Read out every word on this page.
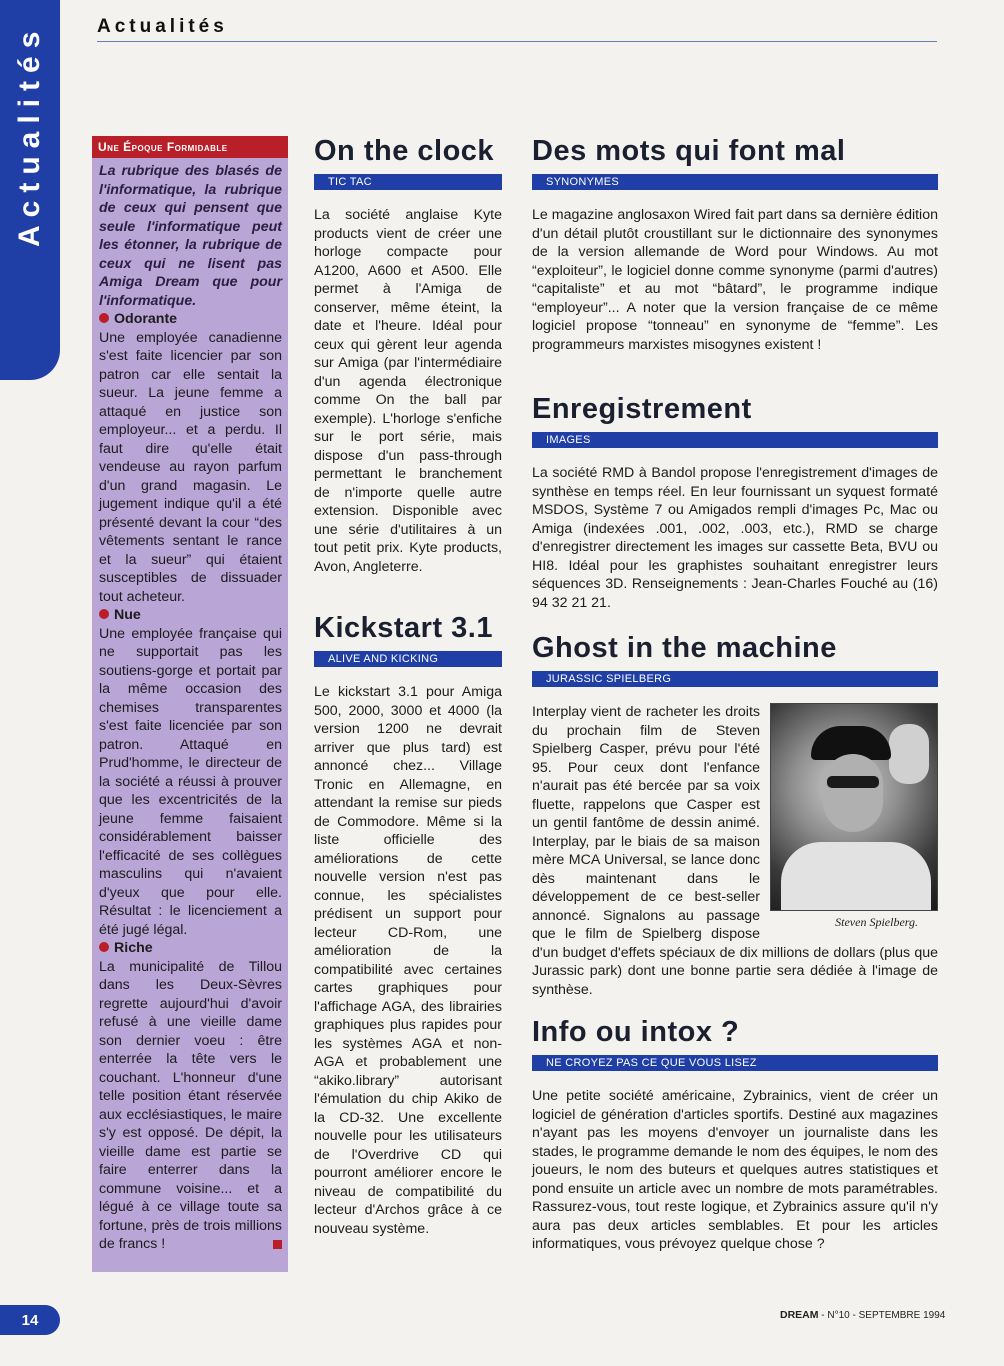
Actualités	Actualités
Une Époque Formidable

La rubrique des blasés de l'informatique, la rubrique de ceux qui pensent que seule l'informatique peut les étonner, la rubrique de ceux qui ne lisent pas Amiga Dream que pour l'informatique.

Odorante

Une employée canadienne s'est faite licencier par son patron car elle sentait la sueur. La jeune femme a attaqué en justice son employeur... et a perdu. Il faut dire qu'elle était vendeuse au rayon parfum d'un grand magasin. Le jugement indique qu'il a été présenté devant la cour “des vêtements sentant le rance et la sueur” qui étaient susceptibles de dissuader tout acheteur.

Nue

Une employée française qui ne supportait pas les soutiens-gorge et portait par la même occasion des chemises transparentes s'est faite licenciée par son patron. Attaqué en Prud'homme, le directeur de la société a réussi à prouver que les excentricités de la jeune femme faisaient considérablement baisser l'efficacité de ses collègues masculins qui n'avaient d'yeux que pour elle. Résultat : le licenciement a été jugé légal.

Riche

La municipalité de Tillou dans les Deux-Sèvres regrette aujourd'hui d'avoir refusé à une vieille dame son dernier voeu : être enterrée la tête vers le couchant. L'honneur d'une telle position étant réservée aux ecclésiastiques, le maire s'y est opposé. De dépit, la vieille dame est partie se faire enterrer dans la commune voisine... et a légué à ce village toute sa fortune, près de trois millions de francs !

On the clock
TIC TAC

La société anglaise Kyte products vient de créer une horloge compacte pour A1200, A600 et A500. Elle permet à l'Amiga de conserver, même éteint, la date et l'heure. Idéal pour ceux qui gèrent leur agenda sur Amiga (par l'intermédiaire d'un agenda électronique comme On the ball par exemple). L'horloge s'enfiche sur le port série, mais dispose d'un pass-through permettant le branchement de n'importe quelle autre extension. Disponible avec une série d'utilitaires à un tout petit prix. Kyte products, Avon, Angleterre.

Kickstart 3.1
ALIVE AND KICKING

Le kickstart 3.1 pour Amiga 500, 2000, 3000 et 4000 (la version 1200 ne devrait arriver que plus tard) est annoncé chez... Village Tronic en Allemagne, en attendant la remise sur pieds de Commodore. Même si la liste officielle des améliorations de cette nouvelle version n'est pas connue, les spécialistes prédisent un support pour lecteur CD-Rom, une amélioration de la compatibilité avec certaines cartes graphiques pour l'affichage AGA, des librairies graphiques plus rapides pour les systèmes AGA et non-AGA et probablement une “akiko.library” autorisant l'émulation du chip Akiko de la CD-32. Une excellente nouvelle pour les utilisateurs de l'Overdrive CD qui pourront améliorer encore le niveau de compatibilité du lecteur d'Archos grâce à ce nouveau système.

Des mots qui font mal
SYNONYMES

Le magazine anglosaxon Wired fait part dans sa dernière édition d'un détail plutôt croustillant sur le dictionnaire des synonymes de la version allemande de Word pour Windows. Au mot “exploiteur”, le logiciel donne comme synonyme (parmi d'autres) “capitaliste” et au mot “bâtard”, le programme indique “employeur”... A noter que la version française de ce même logiciel propose “tonneau” en synonyme de “femme”. Les programmeurs marxistes misogynes existent !

Enregistrement
IMAGES

La société RMD à Bandol propose l'enregistrement d'images de synthèse en temps réel. En leur fournissant un syquest formaté MSDOS, Système 7 ou Amigados rempli d'images Pc, Mac ou Amiga (indexées .001, .002, .003, etc.), RMD se charge d'enregistrer directement les images sur cassette Beta, BVU ou HI8. Idéal pour les graphistes souhaitant enregistrer leurs séquences 3D. Renseignements : Jean-Charles Fouché au (16) 94 32 21 21.

Ghost in the machine
JURASSIC SPIELBERG
Steven Spielberg.

Interplay vient de racheter les droits du prochain film de Steven Spielberg Casper, prévu pour l'été 95. Pour ceux dont l'enfance n'aurait pas été bercée par sa voix fluette, rappelons que Casper est un gentil fantôme de dessin animé. Interplay, par le biais de sa maison mère MCA Universal, se lance donc dès maintenant dans le développement de ce best-seller annoncé. Signalons au passage que le film de Spielberg dispose d'un budget d'effets spéciaux de dix millions de dollars (plus que Jurassic park) dont une bonne partie sera dédiée à l'image de synthèse.

Info ou intox ?
NE CROYEZ PAS CE QUE VOUS LISEZ

Une petite société américaine, Zybrainics, vient de créer un logiciel de génération d'articles sportifs. Destiné aux magazines n'ayant pas les moyens d'envoyer un journaliste dans les stades, le programme demande le nom des équipes, le nom des joueurs, le nom des buteurs et quelques autres statistiques et pond ensuite un article avec un nombre de mots paramétrables. Rassurez-vous, tout reste logique, et Zybrainics assure qu'il n'y aura pas deux articles semblables. Et pour les articles informatiques, vous prévoyez quelque chose ?

14	DREAM - N°10 - SEPTEMBRE 1994
